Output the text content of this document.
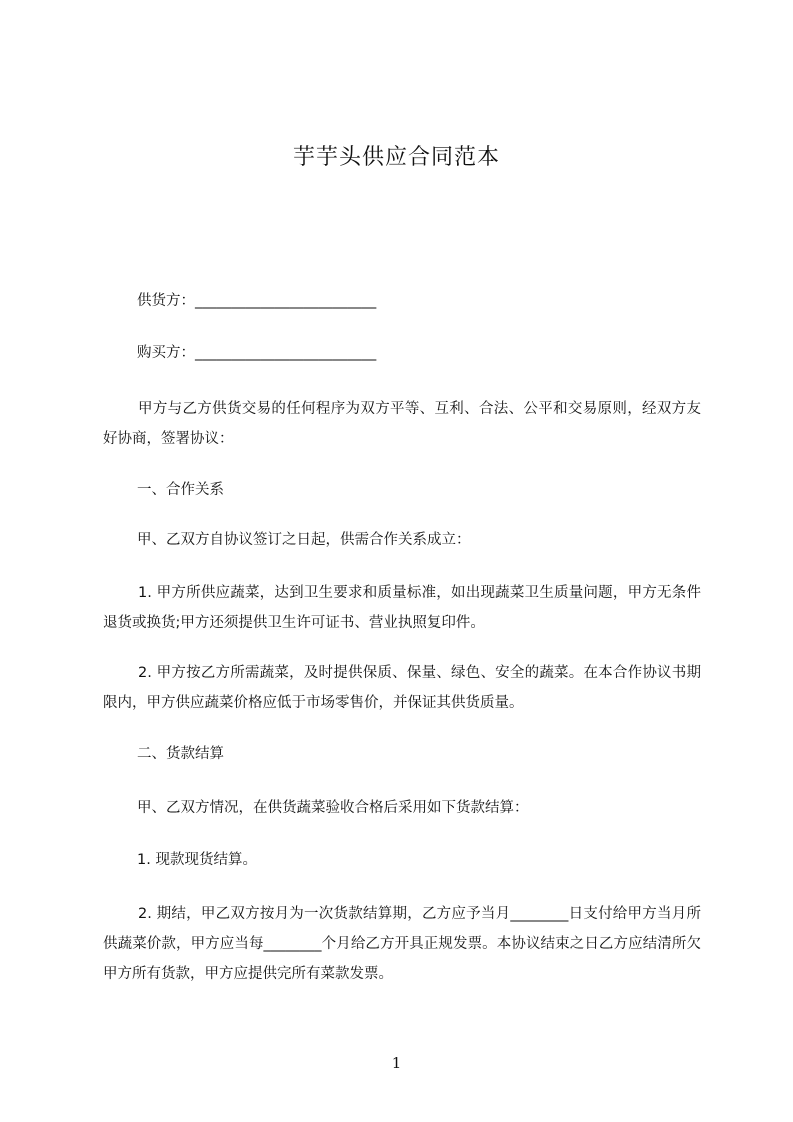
芋芋头供应合同范本
供货方：_________________________
购买方：_________________________
甲方与乙方供货交易的任何程序为双方平等、互利、合法、公平和交易原则，经双方友好协商，签署协议：
一、合作关系
甲、乙双方自协议签订之日起，供需合作关系成立：
1. 甲方所供应蔬菜，达到卫生要求和质量标准，如出现蔬菜卫生质量问题，甲方无条件退货或换货;甲方还须提供卫生许可证书、营业执照复印件。
2. 甲方按乙方所需蔬菜，及时提供保质、保量、绿色、安全的蔬菜。在本合作协议书期限内，甲方供应蔬菜价格应低于市场零售价，并保证其供货质量。
二、货款结算
甲、乙双方情况，在供货蔬菜验收合格后采用如下货款结算：
1. 现款现货结算。
2. 期结，甲乙双方按月为一次货款结算期，乙方应予当月________日支付给甲方当月所供蔬菜价款，甲方应当每________个月给乙方开具正规发票。本协议结束之日乙方应结清所欠甲方所有货款，甲方应提供完所有菜款发票。
1
